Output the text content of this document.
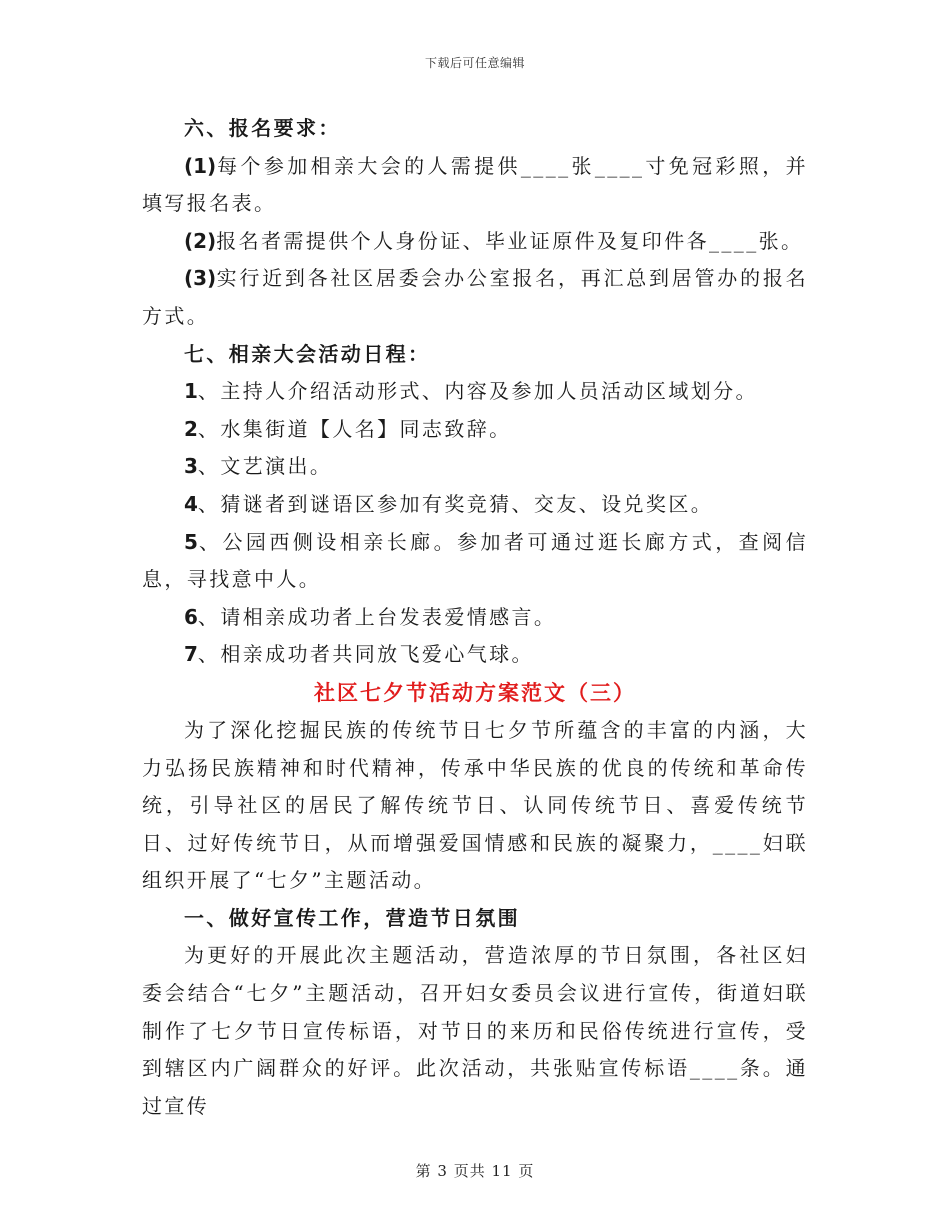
下载后可任意编辑

六、报名要求：

(1)每个参加相亲大会的人需提供____张____寸免冠彩照，并填写报名表。

(2)报名者需提供个人身份证、毕业证原件及复印件各____张。

(3)实行近到各社区居委会办公室报名，再汇总到居管办的报名方式。

七、相亲大会活动日程：

1、主持人介绍活动形式、内容及参加人员活动区域划分。

2、水集街道【人名】同志致辞。

3、文艺演出。

4、猜谜者到谜语区参加有奖竞猜、交友、设兑奖区。

5、公园西侧设相亲长廊。参加者可通过逛长廊方式，查阅信息，寻找意中人。

6、请相亲成功者上台发表爱情感言。

7、相亲成功者共同放飞爱心气球。

社区七夕节活动方案范文（三）

为了深化挖掘民族的传统节日七夕节所蕴含的丰富的内涵，大力弘扬民族精神和时代精神，传承中华民族的优良的传统和革命传统，引导社区的居民了解传统节日、认同传统节日、喜爱传统节日、过好传统节日，从而增强爱国情感和民族的凝聚力，____妇联组织开展了“七夕”主题活动。

一、做好宣传工作，营造节日氛围

为更好的开展此次主题活动，营造浓厚的节日氛围，各社区妇委会结合“七夕”主题活动，召开妇女委员会议进行宣传，街道妇联制作了七夕节日宣传标语，对节日的来历和民俗传统进行宣传，受到辖区内广阔群众的好评。此次活动，共张贴宣传标语____条。通过宣传

第 3 页共 11 页
